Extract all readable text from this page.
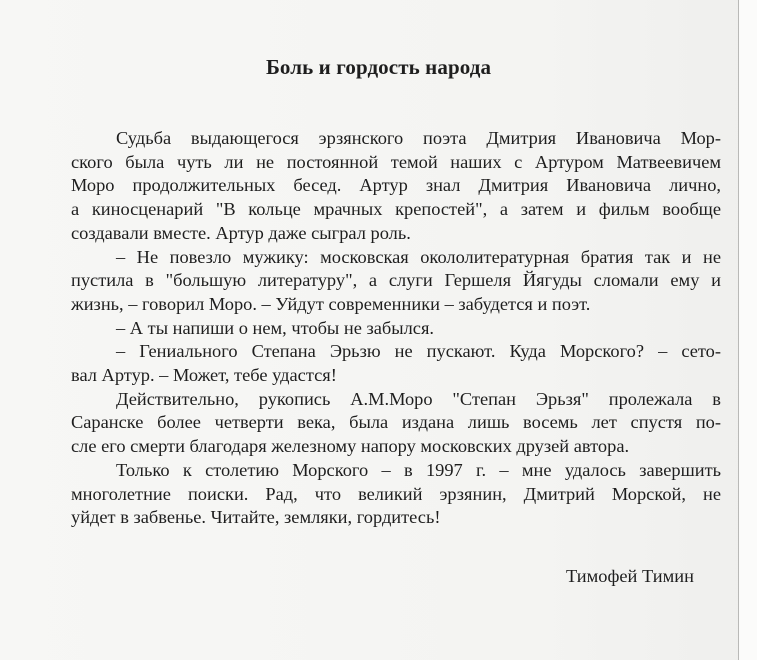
Боль и гордость народа
Судьба выдающегося эрзянского поэта Дмитрия Ивановича Мор-
ского была чуть ли не постоянной темой наших с Артуром Матвеевичем
Моро продолжительных бесед. Артур знал Дмитрия Ивановича лично,
а киносценарий "В кольце мрачных крепостей", а затем и фильм вообще
создавали вместе. Артур даже сыграл роль.
– Не повезло мужику: московская окололитературная братия так и не
пустила в "большую литературу", а слуги Гершеля Йягуды сломали ему и
жизнь, – говорил Моро. – Уйдут современники – забудется и поэт.
– А ты напиши о нем, чтобы не забылся.
– Гениального Степана Эрьзю не пускают. Куда Морского? – сето-
вал Артур. – Может, тебе удастся!
Действительно, рукопись А.М.Моро "Степан Эрьзя" пролежала в
Саранске более четверти века, была издана лишь восемь лет спустя по-
сле его смерти благодаря железному напору московских друзей автора.
Только к столетию Морского – в 1997 г. – мне удалось завершить
многолетние поиски. Рад, что великий эрзянин, Дмитрий Морской, не
уйдет в забвенье. Читайте, земляки, гордитесь!
Тимофей Тимин
